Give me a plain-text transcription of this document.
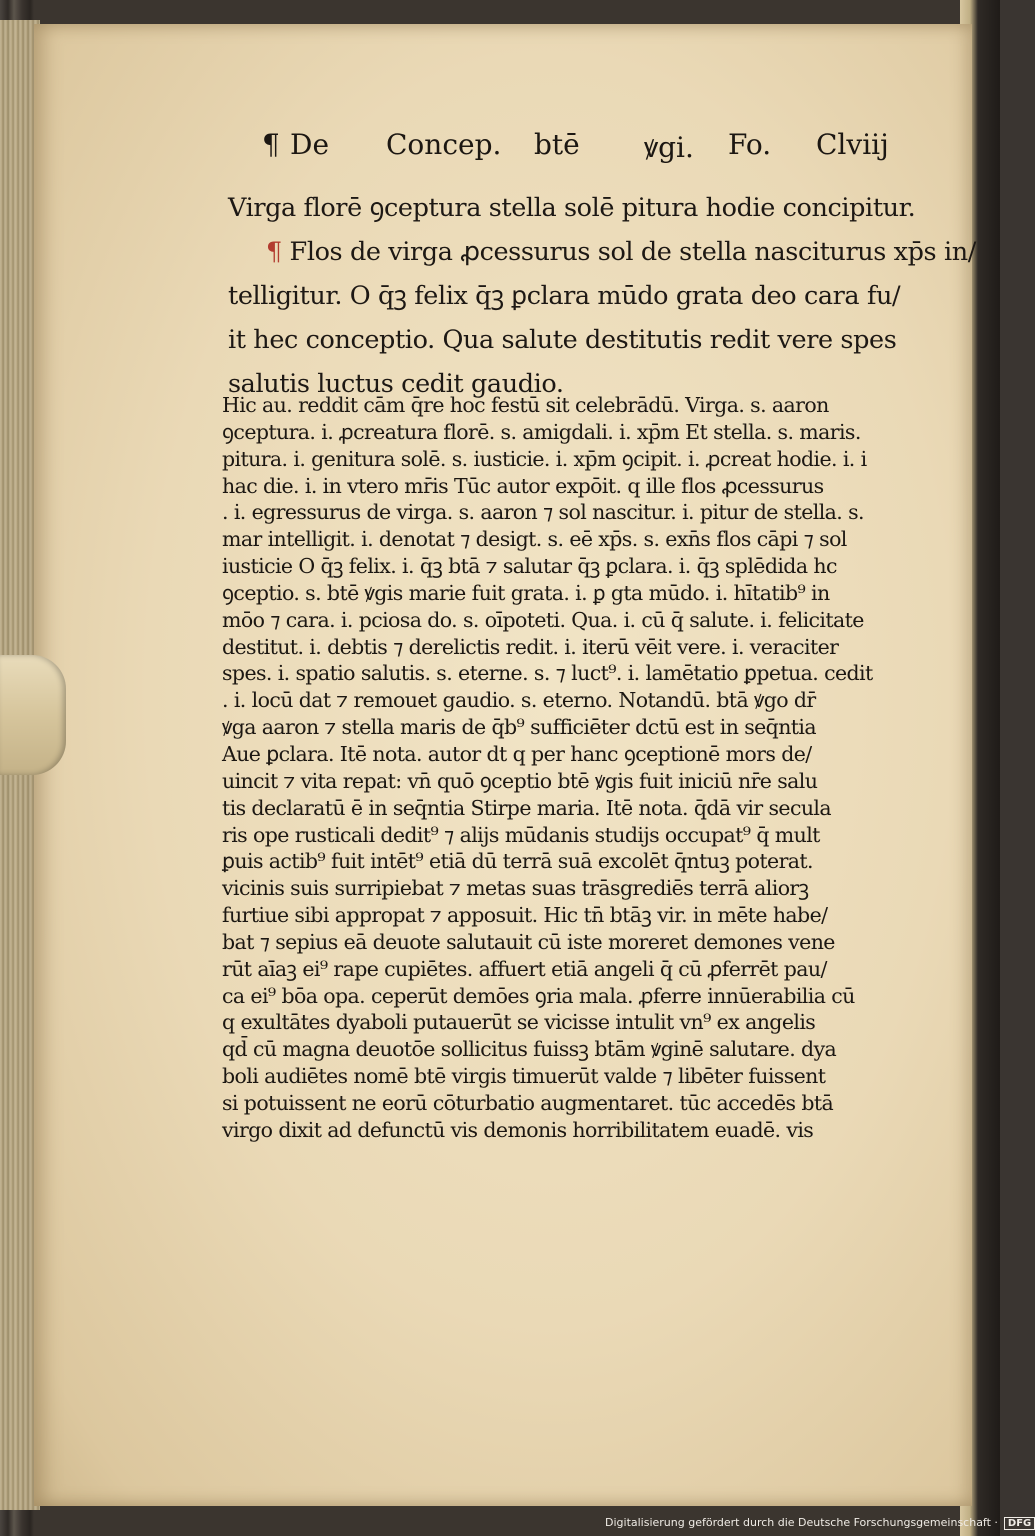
¶ De Concep. btē ꝟgi. Fo. Clviij
Virga florē ꝯceptura stella solē pitura hodie concipitur.
¶ Flos de virga ꝓcessurus sol de stella nasciturus xp̄s in/
telligitur. O q̄ꝫ felix q̄ꝫ ꝑclara mūdo grata deo cara fu/
it hec conceptio. Qua salute destitutis redit vere spes
salutis luctus cedit gaudio.
Hic au. reddit cām q̄re hoc festū sit celebrādū. Virga. s. aaron
ꝯceptura. i. ꝓcreatura florē. s. amigdali. i. xp̄m Et stella. s. maris.
pitura. i. genitura solē. s. iusticie. i. xp̄m ꝯcipit. i. ꝓcreat hodie. i. i
hac die. i. in vtero mr̄is Tūc autor expōit. q ille flos ꝓcessurus
. i. egressurus de virga. s. aaron ⁊ sol nascitur. i. pitur de stella. s.
mar intelligit. i. denotat ⁊ desigt. s. eē xp̄s. s. exn̄s flos cāpi ⁊ sol
iusticie O q̄ꝫ felix. i. q̄ꝫ btā ⁊ salutar q̄ꝫ ꝑclara. i. q̄ꝫ splēdida hc
ꝯceptio. s. btē ꝟgis marie fuit grata. i. ꝑ gta mūdo. i. hītatib⁹ in
mōo ⁊ cara. i. pciosa do. s. oīpoteti. Qua. i. cū q̄ salute. i. felicitate
destitut. i. debtis ⁊ derelictis redit. i. iterū vēit vere. i. veraciter
spes. i. spatio salutis. s. eterne. s. ⁊ luct⁹. i. lamētatio ꝑpetua. cedit
. i. locū dat ⁊ remouet gaudio. s. eterno. Notandū. btā ꝟgo dr̄
ꝟga aaron ⁊ stella maris de q̄b⁹ sufficiēter dctū est in seq̄ntia
Aue ꝑclara. Itē nota. autor dt q per hanc ꝯceptionē mors de/
uincit ⁊ vita repat: vn̄ quō ꝯceptio btē ꝟgis fuit iniciū nr̄e salu
tis declaratū ē in seq̄ntia Stirpe maria. Itē nota. q̄dā vir secula
ris ope rusticali dedit⁹ ⁊ alijs mūdanis studijs occupat⁹ q̄ mult
ꝑuis actib⁹ fuit intēt⁹ etiā dū terrā suā excolēt q̄ntuꝫ poterat.
vicinis suis surripiebat ⁊ metas suas trāsgrediēs terrā aliorꝫ
furtiue sibi appropat ⁊ apposuit. Hic tn̄ btāꝫ vir. in mēte habe/
bat ⁊ sepius eā deuote salutauit cū iste moreret demones vene
rūt aīaꝫ ei⁹ rape cupiētes. affuert etiā angeli q̄ cū ꝓferrēt pau/
ca ei⁹ bōa opa. ceperūt demōes ꝯria mala. ꝓferre innūerabilia cū
q exultātes dyaboli putauerūt se vicisse intulit vn⁹ ex angelis
qd̄ cū magna deuotōe sollicitus fuissꝫ btām ꝟginē salutare. dya
boli audiētes nomē btē virgis timuerūt valde ⁊ libēter fuissent
si potuissent ne eorū cōturbatio augmentaret. tūc accedēs btā
virgo dixit ad defunctū vis demonis horribilitatem euadē. vis
Digitalisierung gefördert durch die Deutsche Forschungsgemeinschaft · DFG
